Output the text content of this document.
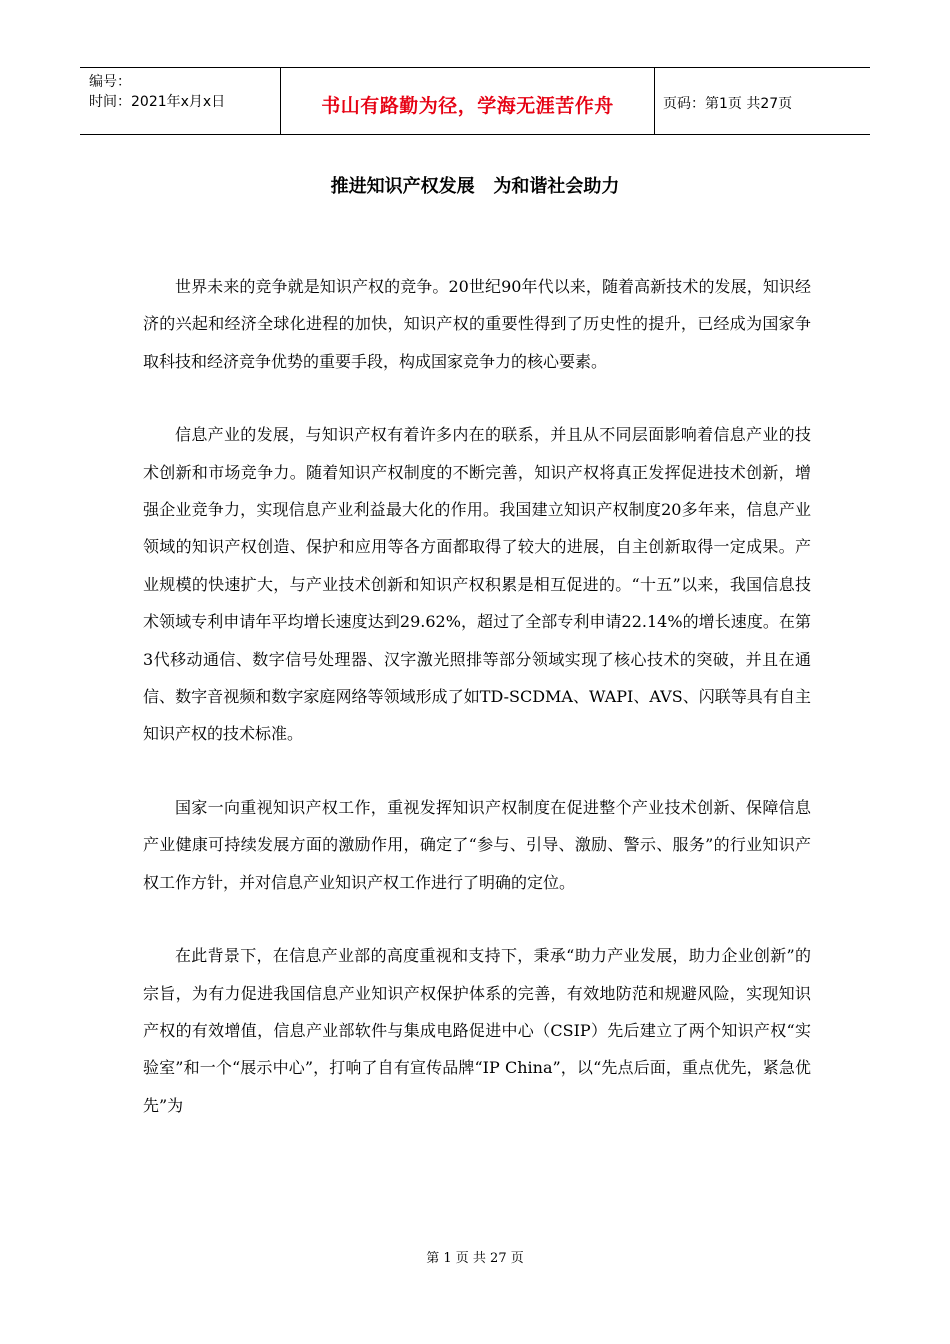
编号：
时间：2021年x月x日	书山有路勤为径，学海无涯苦作舟	页码：第1页 共27页
推进知识产权发展   为和谐社会助力

世界未来的竞争就是知识产权的竞争。20世纪90年代以来，随着高新技术的发展，知识经济的兴起和经济全球化进程的加快，知识产权的重要性得到了历史性的提升，已经成为国家争取科技和经济竞争优势的重要手段，构成国家竞争力的核心要素。

信息产业的发展，与知识产权有着许多内在的联系，并且从不同层面影响着信息产业的技术创新和市场竞争力。随着知识产权制度的不断完善，知识产权将真正发挥促进技术创新，增强企业竞争力，实现信息产业利益最大化的作用。我国建立知识产权制度20多年来，信息产业领域的知识产权创造、保护和应用等各方面都取得了较大的进展，自主创新取得一定成果。产业规模的快速扩大，与产业技术创新和知识产权积累是相互促进的。“十五”以来，我国信息技术领域专利申请年平均增长速度达到29.62%，超过了全部专利申请22.14%的增长速度。在第3代移动通信、数字信号处理器、汉字激光照排等部分领域实现了核心技术的突破，并且在通信、数字音视频和数字家庭网络等领域形成了如TD-SCDMA、WAPI、AVS、闪联等具有自主知识产权的技术标准。

国家一向重视知识产权工作，重视发挥知识产权制度在促进整个产业技术创新、保障信息产业健康可持续发展方面的激励作用，确定了“参与、引导、激励、警示、服务”的行业知识产权工作方针，并对信息产业知识产权工作进行了明确的定位。

在此背景下，在信息产业部的高度重视和支持下，秉承“助力产业发展，助力企业创新”的宗旨，为有力促进我国信息产业知识产权保护体系的完善，有效地防范和规避风险，实现知识产权的有效增值，信息产业部软件与集成电路促进中心（CSIP）先后建立了两个知识产权“实验室”和一个“展示中心”，打响了自有宣传品牌“IP China”，以“先点后面，重点优先，紧急优先”为

第 1 页 共 27 页
